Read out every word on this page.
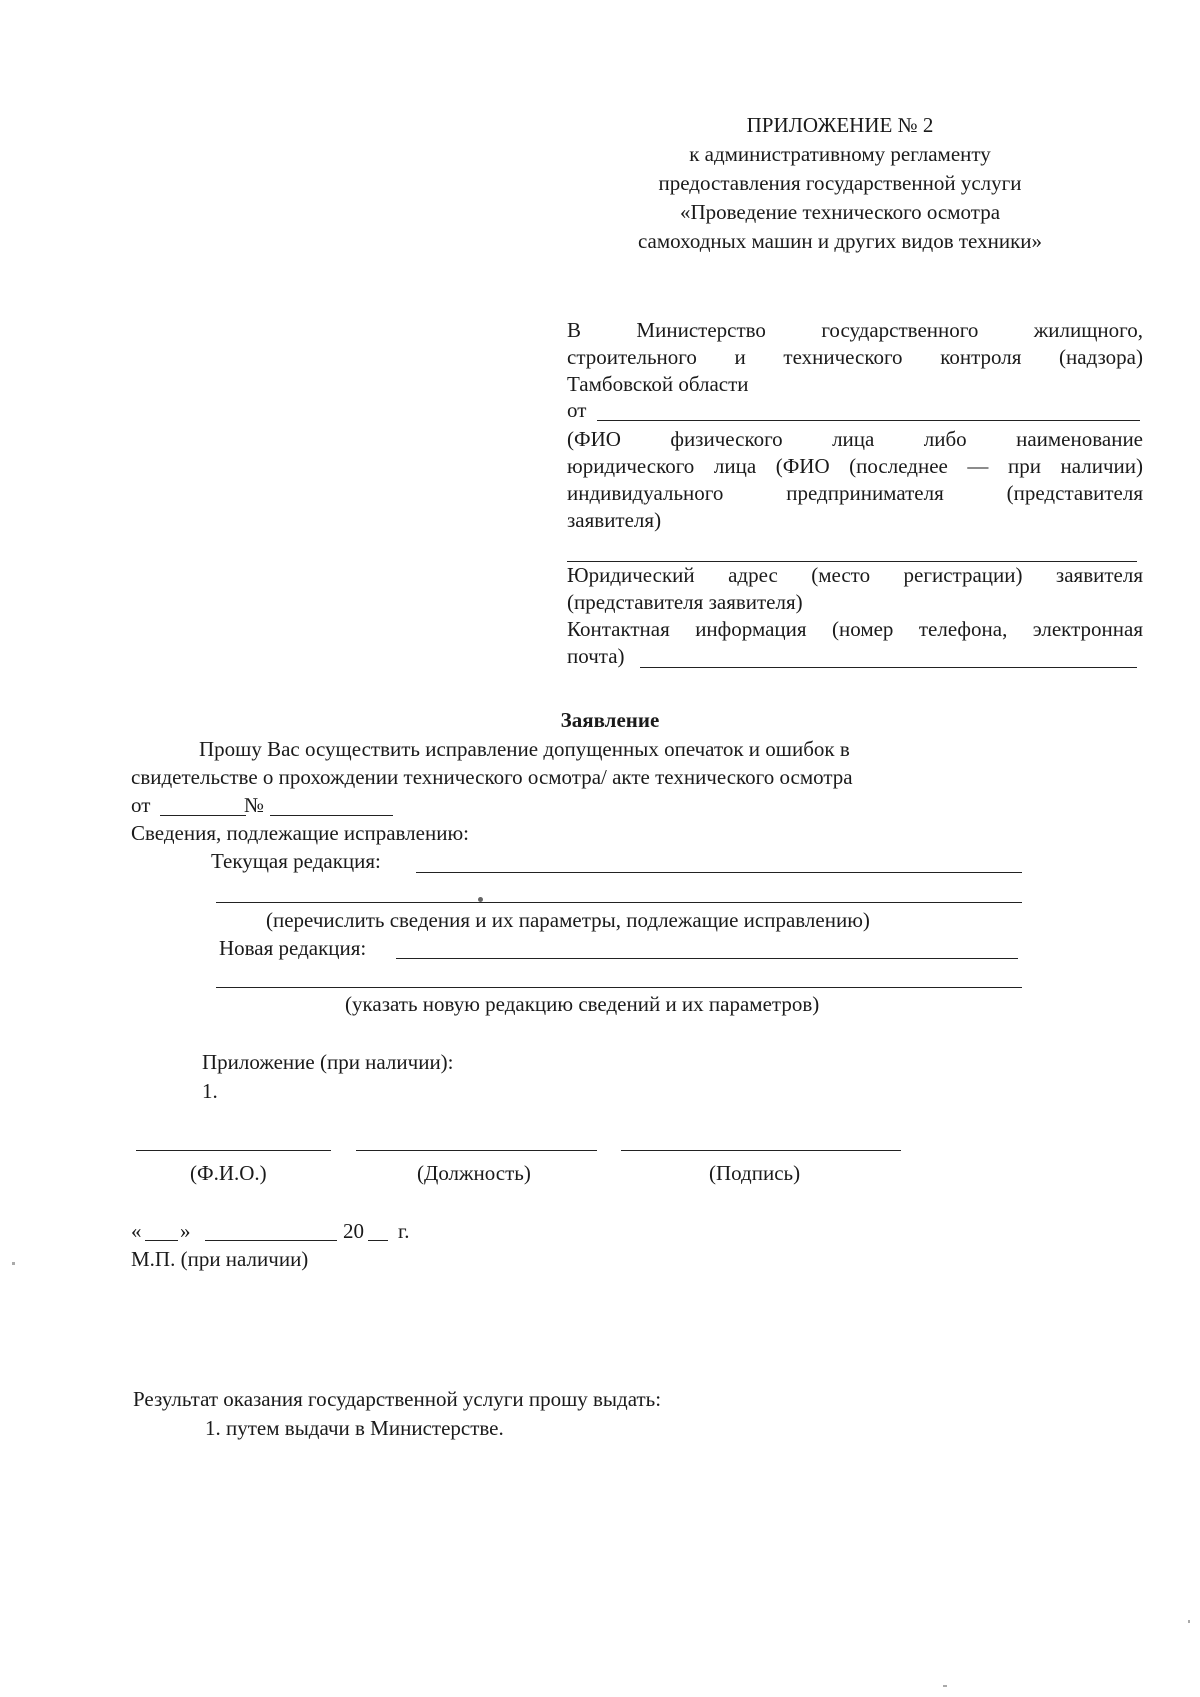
ПРИЛОЖЕНИЕ № 2
к административному регламенту
предоставления государственной услуги
«Проведение технического осмотра
самоходных машин и других видов техники»
В Министерство государственного жилищного,
строительного и технического контроля (надзора)
Тамбовской области
от
(ФИО физического лица либо наименование
юридического лица (ФИО (последнее — при наличии)
индивидуального предпринимателя (представителя
заявителя)
Юридический адрес (место регистрации) заявителя
(представителя заявителя)
Контактная информация (номер телефона, электронная
почта)
Заявление
Прошу Вас осуществить исправление допущенных опечаток и ошибок в
свидетельстве о прохождении технического осмотра/ акте технического осмотра
от	№
Сведения, подлежащие исправлению:
Текущая редакция:
(перечислить сведения и их параметры, подлежащие исправлению)
Новая редакция:
(указать новую редакцию сведений и их параметров)
Приложение (при наличии):
1.
(Ф.И.О.)	(Должность)	(Подпись)
« »	20 г.
М.П. (при наличии)
Результат оказания государственной услуги прошу выдать:
1. путем выдачи в Министерстве.
